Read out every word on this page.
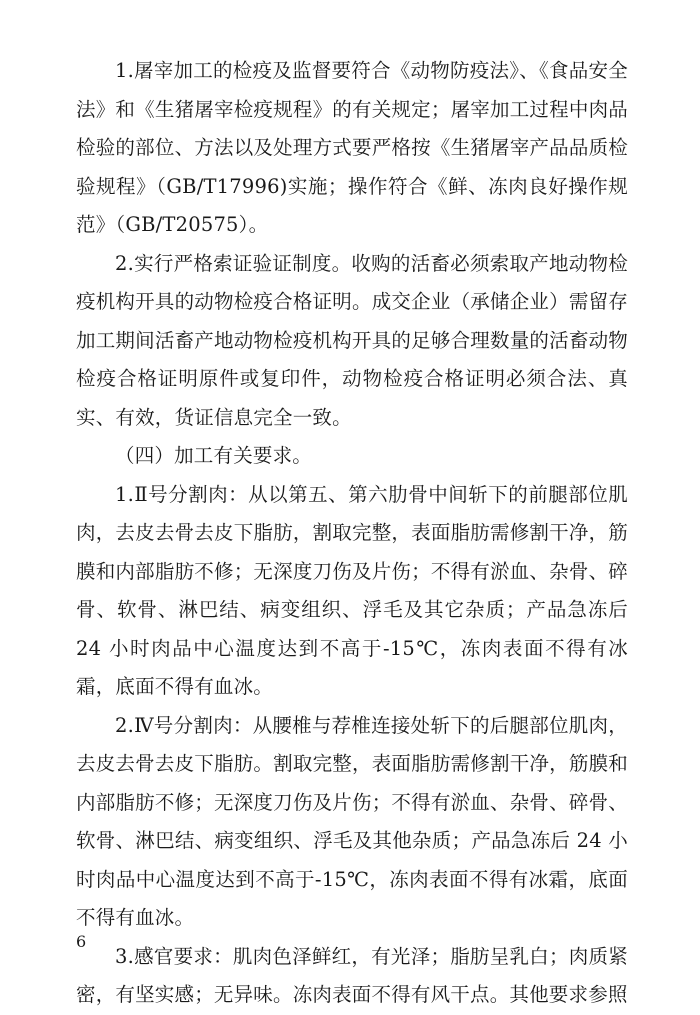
1.屠宰加工的检疫及监督要符合《动物防疫法》、《食品安全法》和《生猪屠宰检疫规程》的有关规定；屠宰加工过程中肉品检验的部位、方法以及处理方式要严格按《生猪屠宰产品品质检验规程》（GB/T17996)实施；操作符合《鲜、冻肉良好操作规范》（GB/T20575）。

2.实行严格索证验证制度。收购的活畜必须索取产地动物检疫机构开具的动物检疫合格证明。成交企业（承储企业）需留存加工期间活畜产地动物检疫机构开具的足够合理数量的活畜动物检疫合格证明原件或复印件，动物检疫合格证明必须合法、真实、有效，货证信息完全一致。

（四）加工有关要求。

1.Ⅱ号分割肉：从以第五、第六肋骨中间斩下的前腿部位肌肉，去皮去骨去皮下脂肪，割取完整，表面脂肪需修割干净，筋膜和内部脂肪不修；无深度刀伤及片伤；不得有淤血、杂骨、碎骨、软骨、淋巴结、病变组织、浮毛及其它杂质；产品急冻后 24 小时肉品中心温度达到不高于-15℃，冻肉表面不得有冰霜，底面不得有血冰。

2.Ⅳ号分割肉：从腰椎与荐椎连接处斩下的后腿部位肌肉，去皮去骨去皮下脂肪。割取完整，表面脂肪需修割干净，筋膜和内部脂肪不修；无深度刀伤及片伤；不得有淤血、杂骨、碎骨、软骨、淋巴结、病变组织、浮毛及其他杂质；产品急冻后 24 小时肉品中心温度达到不高于-15℃，冻肉表面不得有冰霜，底面不得有血冰。

3.感官要求：肌肉色泽鲜红，有光泽；脂肪呈乳白；肉质紧密，有坚实感；无异味。冻肉表面不得有风干点。其他要求参照

6
